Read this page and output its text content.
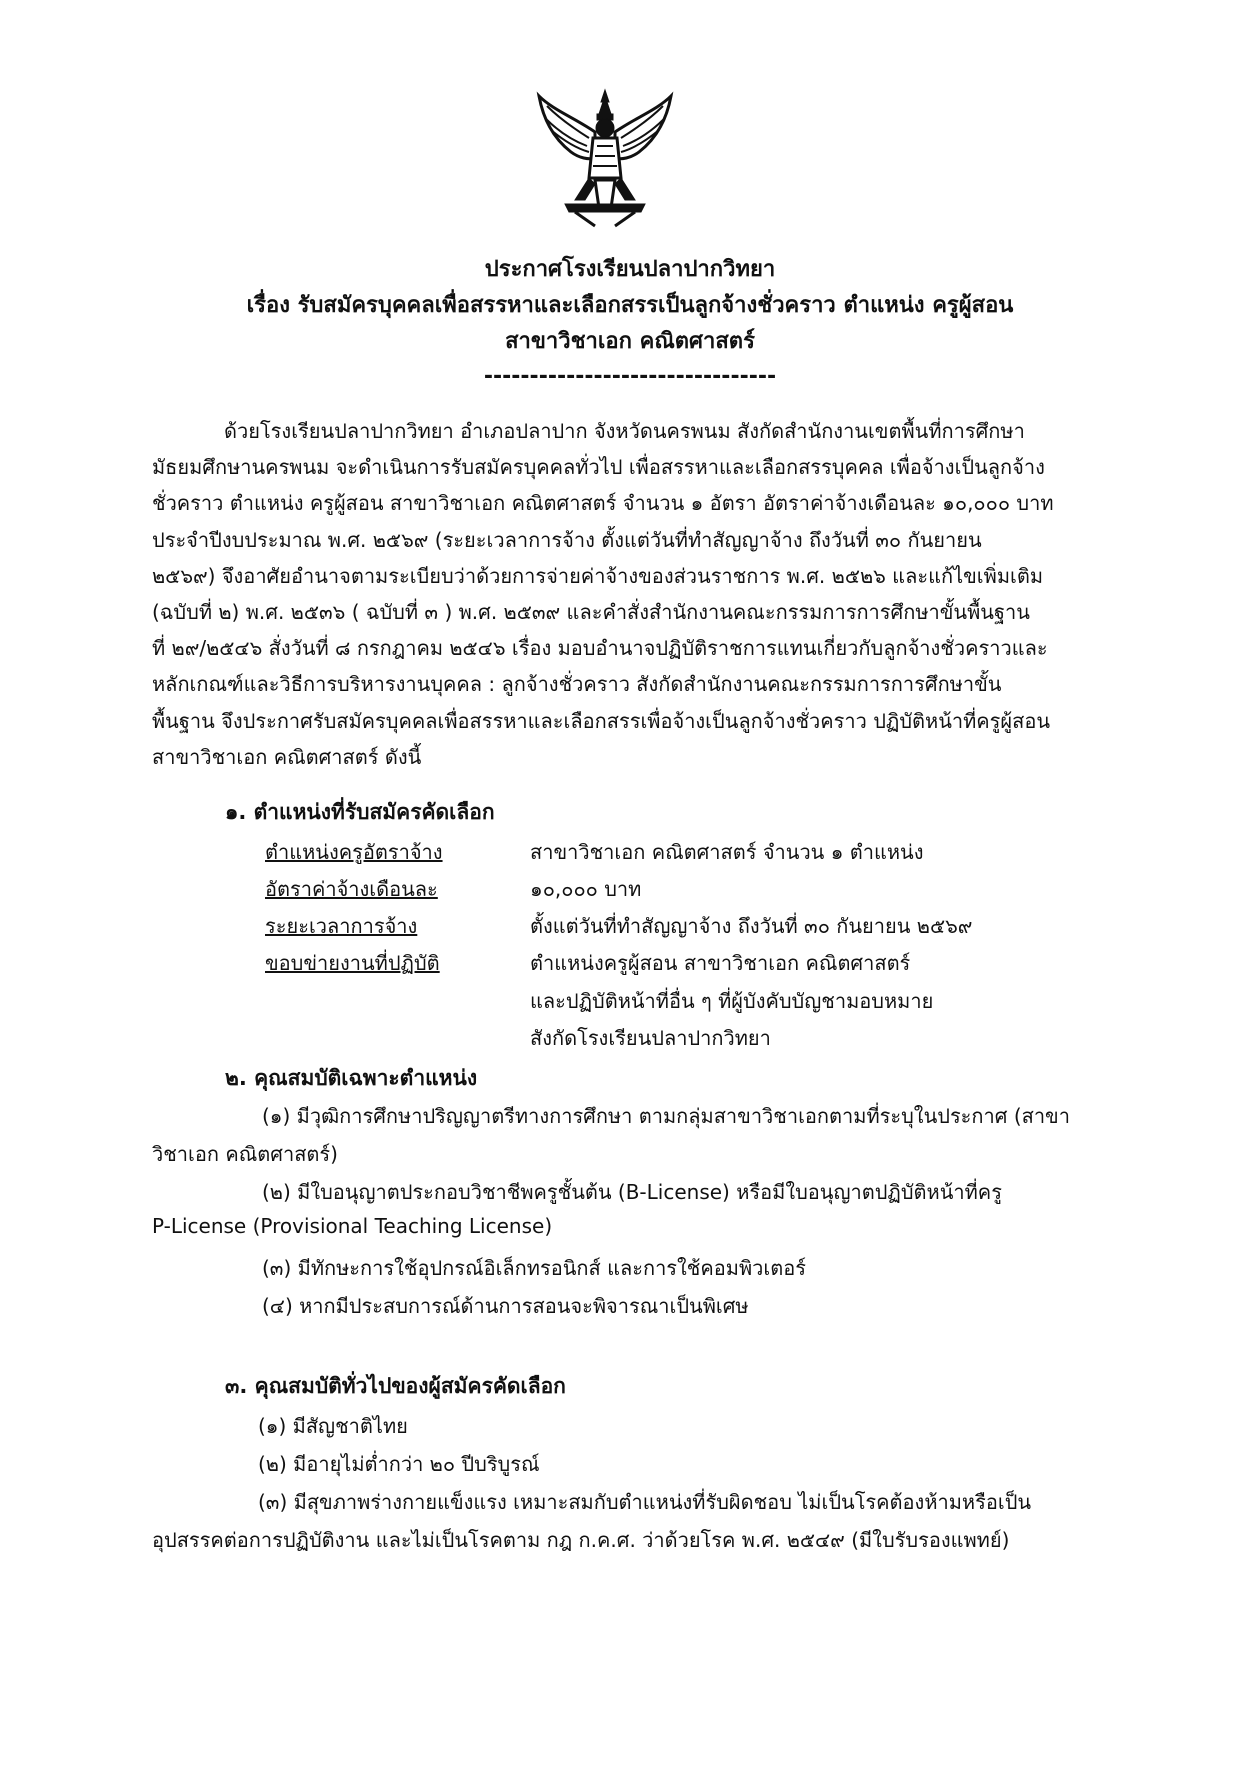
ประกาศโรงเรียนปลาปากวิทยา
เรื่อง รับสมัครบุคคลเพื่อสรรหาและเลือกสรรเป็นลูกจ้างชั่วคราว ตำแหน่ง ครูผู้สอน
สาขาวิชาเอก คณิตศาสตร์
--------------------------------
ด้วยโรงเรียนปลาปากวิทยา อำเภอปลาปาก จังหวัดนครพนม สังกัดสำนักงานเขตพื้นที่การศึกษา
มัธยมศึกษานครพนม จะดำเนินการรับสมัครบุคคลทั่วไป เพื่อสรรหาและเลือกสรรบุคคล เพื่อจ้างเป็นลูกจ้าง
ชั่วคราว ตำแหน่ง ครูผู้สอน สาขาวิชาเอก คณิตศาสตร์ จำนวน ๑ อัตรา อัตราค่าจ้างเดือนละ ๑๐,๐๐๐ บาท
ประจำปีงบประมาณ พ.ศ. ๒๕๖๙ (ระยะเวลาการจ้าง ตั้งแต่วันที่ทำสัญญาจ้าง ถึงวันที่ ๓๐ กันยายน
๒๕๖๙) จึงอาศัยอำนาจตามระเบียบว่าด้วยการจ่ายค่าจ้างของส่วนราชการ พ.ศ. ๒๕๒๖ และแก้ไขเพิ่มเติม
(ฉบับที่ ๒) พ.ศ. ๒๕๓๖ ( ฉบับที่ ๓ ) พ.ศ. ๒๕๓๙ และคำสั่งสำนักงานคณะกรรมการการศึกษาขั้นพื้นฐาน
ที่ ๒๙/๒๕๔๖ สั่งวันที่ ๘ กรกฎาคม ๒๕๔๖ เรื่อง มอบอำนาจปฏิบัติราชการแทนเกี่ยวกับลูกจ้างชั่วคราวและ
หลักเกณฑ์และวิธีการบริหารงานบุคคล : ลูกจ้างชั่วคราว สังกัดสำนักงานคณะกรรมการการศึกษาขั้น
พื้นฐาน จึงประกาศรับสมัครบุคคลเพื่อสรรหาและเลือกสรรเพื่อจ้างเป็นลูกจ้างชั่วคราว ปฏิบัติหน้าที่ครูผู้สอน
สาขาวิชาเอก คณิตศาสตร์ ดังนี้
๑. ตำแหน่งที่รับสมัครคัดเลือก
ตำแหน่งครูอัตราจ้าง	สาขาวิชาเอก คณิตศาสตร์ จำนวน ๑ ตำแหน่ง
อัตราค่าจ้างเดือนละ	๑๐,๐๐๐ บาท
ระยะเวลาการจ้าง	ตั้งแต่วันที่ทำสัญญาจ้าง ถึงวันที่ ๓๐ กันยายน ๒๕๖๙
ขอบข่ายงานที่ปฏิบัติ	ตำแหน่งครูผู้สอน สาขาวิชาเอก คณิตศาสตร์
และปฏิบัติหน้าที่อื่น ๆ ที่ผู้บังคับบัญชามอบหมาย
สังกัดโรงเรียนปลาปากวิทยา
๒. คุณสมบัติเฉพาะตำแหน่ง
(๑) มีวุฒิการศึกษาปริญญาตรีทางการศึกษา ตามกลุ่มสาขาวิชาเอกตามที่ระบุในประกาศ (สาขา
วิชาเอก คณิตศาสตร์)
(๒) มีใบอนุญาตประกอบวิชาชีพครูชั้นต้น (B-License) หรือมีใบอนุญาตปฏิบัติหน้าที่ครู
P-License (Provisional Teaching License)
(๓) มีทักษะการใช้อุปกรณ์อิเล็กทรอนิกส์ และการใช้คอมพิวเตอร์
(๔) หากมีประสบการณ์ด้านการสอนจะพิจารณาเป็นพิเศษ
๓. คุณสมบัติทั่วไปของผู้สมัครคัดเลือก
(๑) มีสัญชาติไทย
(๒) มีอายุไม่ต่ำกว่า ๒๐ ปีบริบูรณ์
(๓) มีสุขภาพร่างกายแข็งแรง เหมาะสมกับตำแหน่งที่รับผิดชอบ ไม่เป็นโรคต้องห้ามหรือเป็น
อุปสรรคต่อการปฏิบัติงาน และไม่เป็นโรคตาม กฎ ก.ค.ศ. ว่าด้วยโรค พ.ศ. ๒๕๔๙ (มีใบรับรองแพทย์)
